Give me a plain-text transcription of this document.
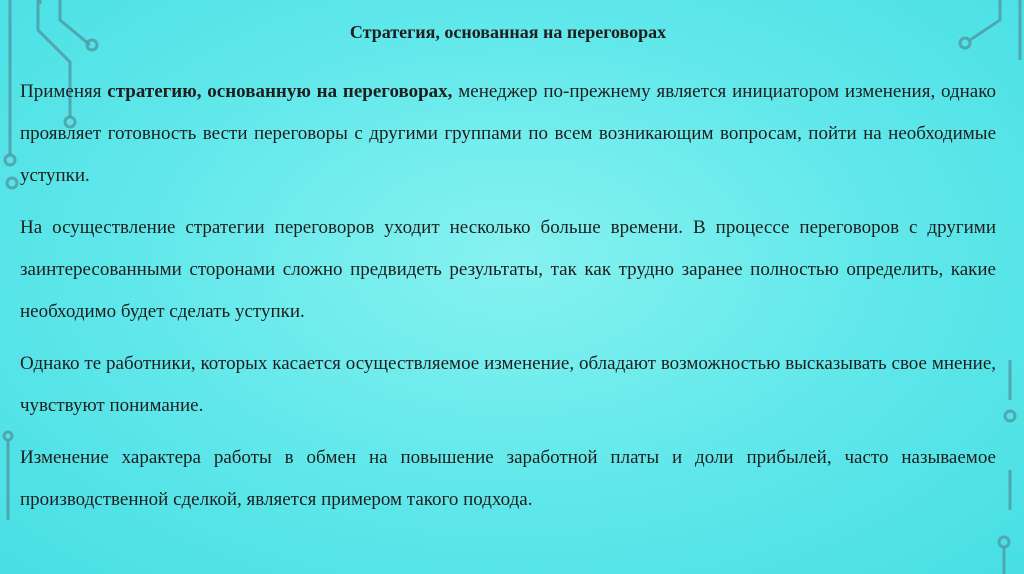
Стратегия, основанная на переговорах

Применяя стратегию, основанную на переговорах, менеджер по-прежнему является инициатором изменения, однако проявляет готовность вести переговоры с другими группами по всем возникающим вопросам, пойти на необходимые уступки.

На осуществление стратегии переговоров уходит несколько больше времени. В процессе переговоров с другими заинтересованными сторонами сложно предвидеть результаты, так как трудно заранее полностью определить, какие необходимо будет сделать уступки.

Однако те работники, которых касается осуществляемое изменение, обладают возможностью высказывать свое мнение, чувствуют понимание.

Изменение характера работы в обмен на повышение заработной платы и доли прибылей, часто называемое производственной сделкой, является примером такого подхода.
